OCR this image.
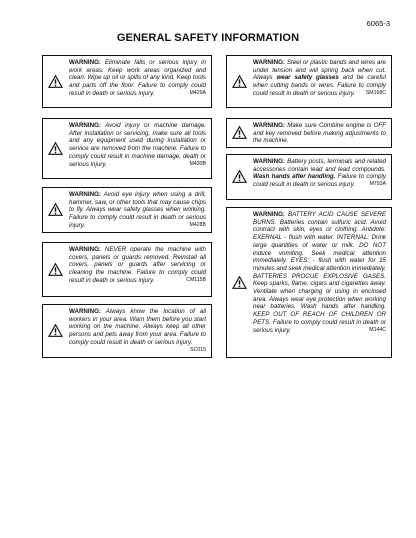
6065-3
GENERAL SAFETY INFORMATION
WARNING: Eliminate falls or serious injury in work areas. Keep work areas organized and clean. Wipe up oil or spills of any kind. Keep tools and parts off the floor. Failure to comply could result in death or serious injury.	M429A
WARNING: Avoid injury or machine damage. After installation or servicing, make sure all tools and any equipment used during installation or service are removed from the machine. Failure to comply could result in machine damage, death or serious injury.	M430B
WARNING: Avoid eye injury when using a drill, hammer, saw, or other tools that may cause chips to fly. Always wear safety glasses when working. Failure to comply could result in death or serious injury.	M428B
WARNING: NEVER operate the machine with covers, panels or guards removed. Reinstall all covers, panels or guards after servicing or cleaning the machine. Failure to comply could result in death or serious injury.	CM115B
WARNING: Always know the location of all workers in your area. Warn them before you start working on the machine. Always keep all other persons and pets away from your area. Failure to comply could result in death or serious injury.
SC015
WARNING: Steel or plastic bands and wires are under tension and will spring back when cut. Always wear safety glasses and be careful when cutting bands or wires. Failure to comply could result in death or serious injury. SM168C
WARNING: Make sure Combine engine is OFF and key removed before making adjustments to the machine.
WARNING: Battery posts, terminals and related accessories contain lead and lead compounds. Wash hands after handling. Failure to comply could result in death or serious injury.	M793A
WARNING: BATTERY ACID CAUSE SEVERE BURNS. Batteries contain sulfuric acid. Avoid contract with skin, eyes or clothing. Antidote: EXERNAL - flush with water. INTERNAL: Drink large quantities of water or milk. DO NOT induce vomiting. Seek medical attention immediately. EYES: - flush with water for 15 minutes and seek medical attention immediately. BATTERIES PROCUE EXPLOSIVE GASES. Keep sparks, flame, cigars and cigarettes away. Ventilate when charging or using in enclosed area. Always wear eye protection when working near batteries. Wash hands after handling. KEEP OUT OF REACH OF CHILDREN OR PETS. Failure to comply could result in death or serious injury.	M144C
